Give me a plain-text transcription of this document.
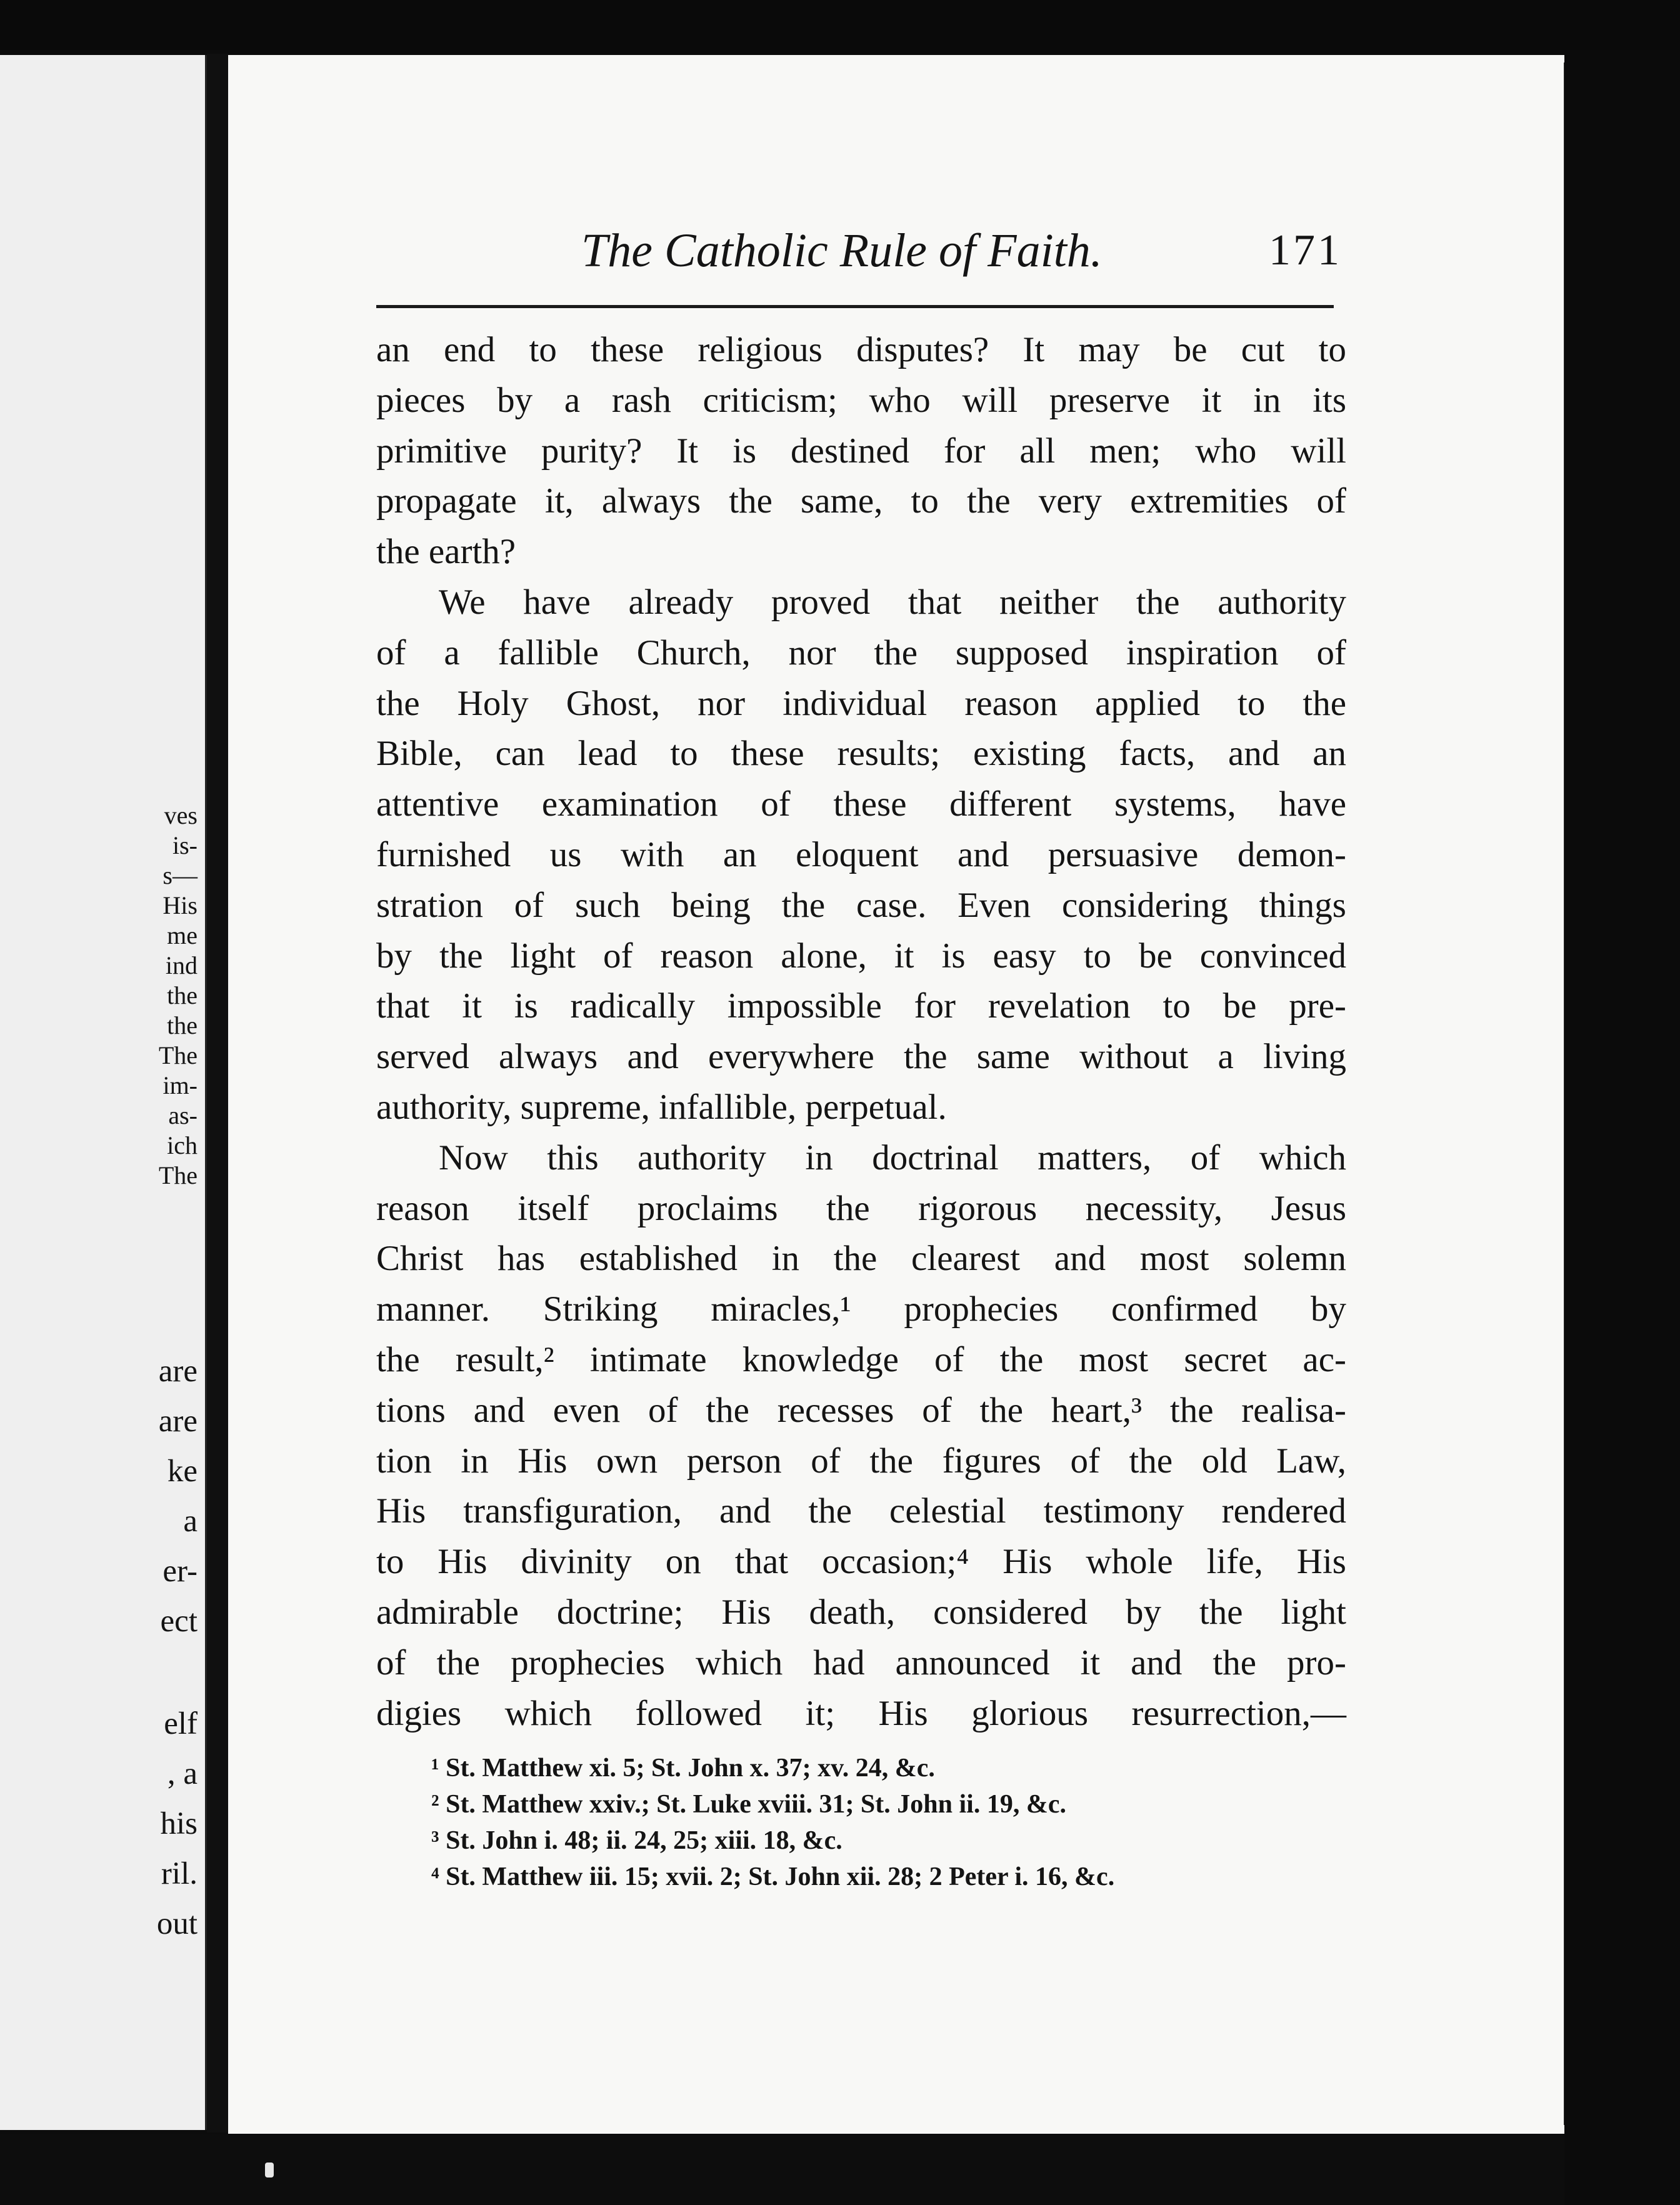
ves

is-

s—

His

me

ind

the

the

The

im-

as-

ich

The

are

are

ke

a

er-

ect

elf

, a

his

ril.

out

The Catholic Rule of Faith.	171

an end to these religious disputes? It may be cut to

pieces by a rash criticism; who will preserve it in its

primitive purity? It is destined for all men; who will

propagate it, always the same, to the very extremities of

the earth?

We have already proved that neither the authority

of a fallible Church, nor the supposed inspiration of

the Holy Ghost, nor individual reason applied to the

Bible, can lead to these results; existing facts, and an

attentive examination of these different systems, have

furnished us with an eloquent and persuasive demon-

stration of such being the case. Even considering things

by the light of reason alone, it is easy to be convinced

that it is radically impossible for revelation to be pre-

served always and everywhere the same without a living

authority, supreme, infallible, perpetual.

Now this authority in doctrinal matters, of which

reason itself proclaims the rigorous necessity, Jesus

Christ has established in the clearest and most solemn

manner. Striking miracles,¹ prophecies confirmed by

the result,² intimate knowledge of the most secret ac-

tions and even of the recesses of the heart,³ the realisa-

tion in His own person of the figures of the old Law,

His transfiguration, and the celestial testimony rendered

to His divinity on that occasion;⁴ His whole life, His

admirable doctrine; His death, considered by the light

of the prophecies which had announced it and the pro-

digies which followed it; His glorious resurrection,—

¹ St. Matthew xi. 5; St. John x. 37; xv. 24, &c.

² St. Matthew xxiv.; St. Luke xviii. 31; St. John ii. 19, &c.

³ St. John i. 48; ii. 24, 25; xiii. 18, &c.

⁴ St. Matthew iii. 15; xvii. 2; St. John xii. 28; 2 Peter i. 16, &c.
